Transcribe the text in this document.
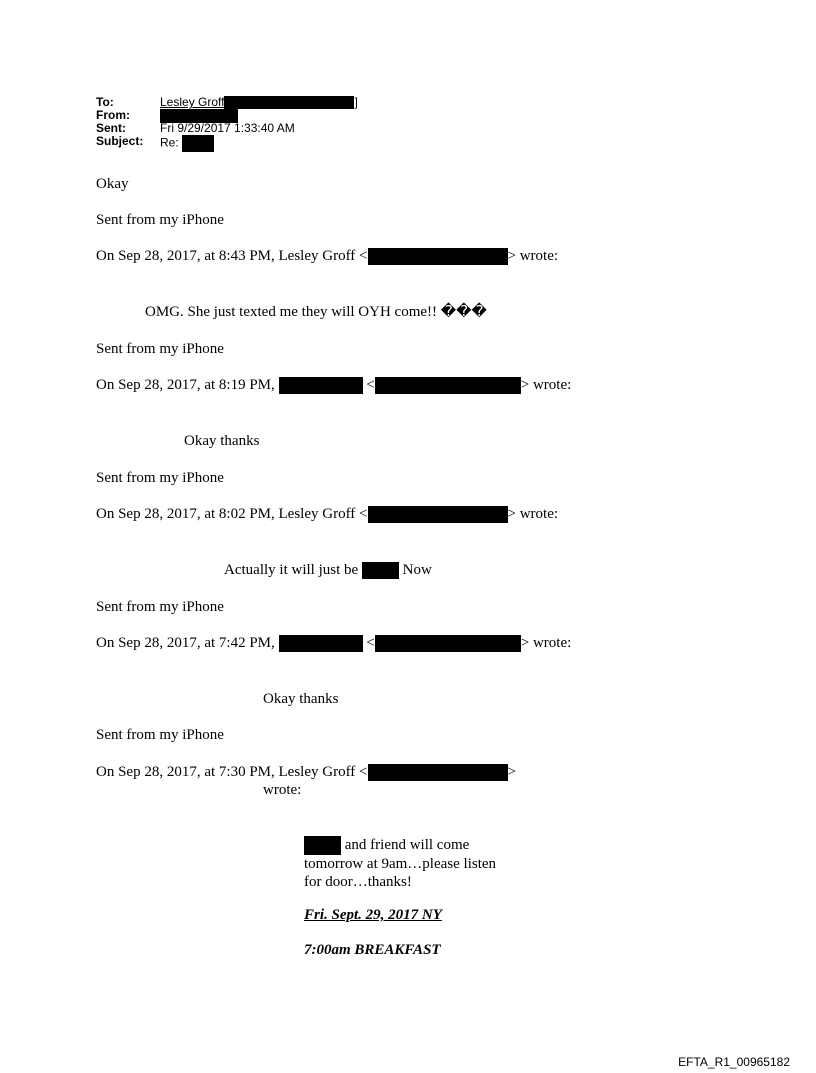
To:	Lesley Groff	]
From:
Sent:	Fri 9/29/2017 1:33:40 AM
Subject: Re:
Okay
Sent from my iPhone
On Sep 28, 2017, at 8:43 PM, Lesley Groff <	> wrote:
OMG. She just texted me they will OYH come!! ���
Sent from my iPhone
On Sep 28, 2017, at 8:19 PM,	<	> wrote:
Okay thanks
Sent from my iPhone
On Sep 28, 2017, at 8:02 PM, Lesley Groff <	> wrote:
Actually it will just be	Now
Sent from my iPhone
On Sep 28, 2017, at 7:42 PM,	<	> wrote:
Okay thanks
Sent from my iPhone
On Sep 28, 2017, at 7:30 PM, Lesley Groff <	>
wrote:
and friend will come
tomorrow at 9am…please listen
for door…thanks!
Fri. Sept. 29, 2017 NY
7:00am BREAKFAST
EFTA_R1_00965182
